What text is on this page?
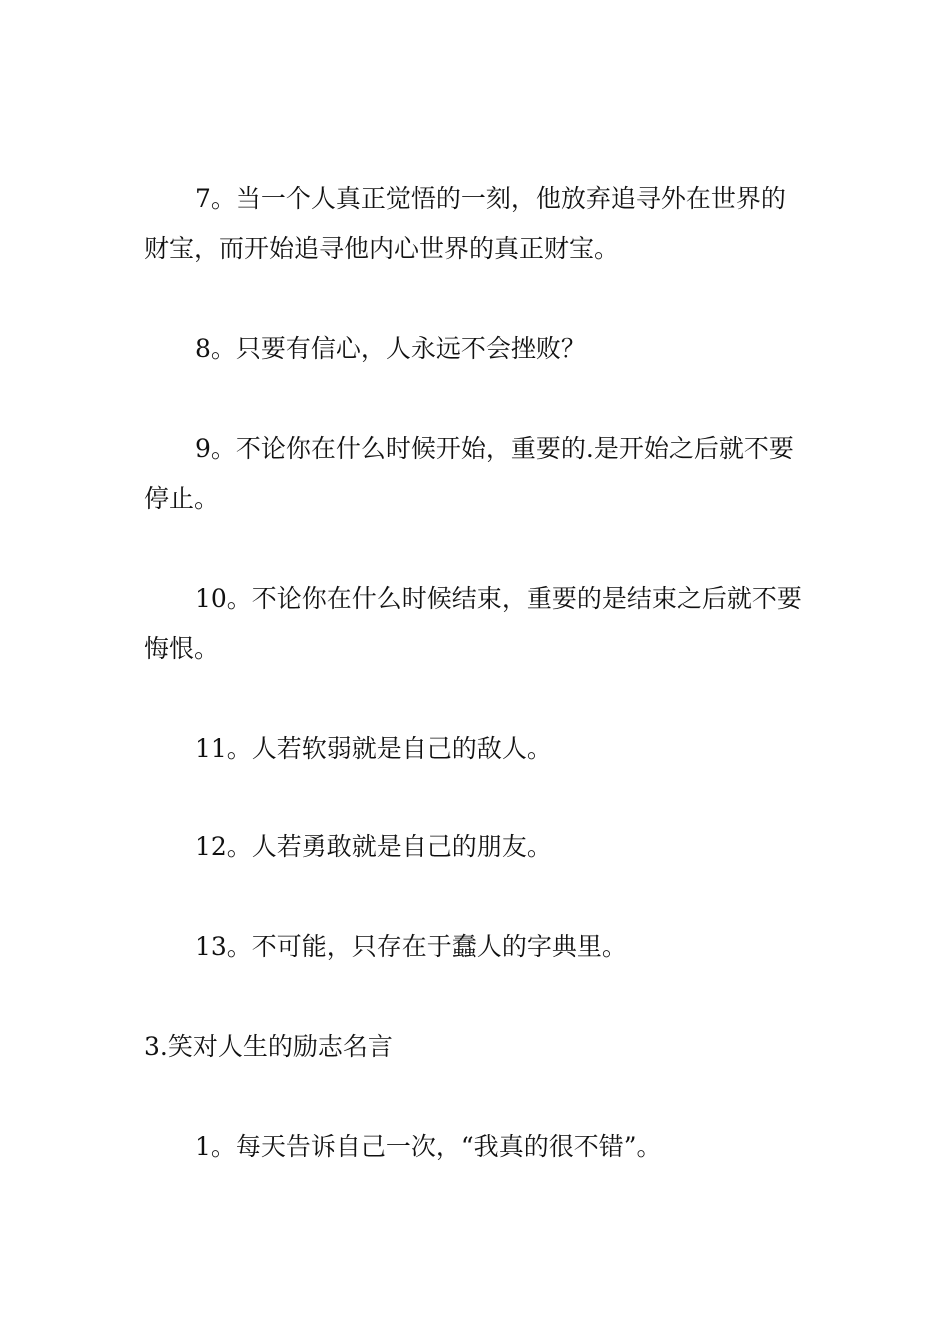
7。当一个人真正觉悟的一刻，他放弃追寻外在世界的财宝，而开始追寻他内心世界的真正财宝。

8。只要有信心，人永远不会挫败？

9。不论你在什么时候开始，重要的.是开始之后就不要停止。

10。不论你在什么时候结束，重要的是结束之后就不要悔恨。

11。人若软弱就是自己的敌人。

12。人若勇敢就是自己的朋友。

13。不可能，只存在于蠢人的字典里。

3.笑对人生的励志名言

1。每天告诉自己一次，“我真的很不错”。
